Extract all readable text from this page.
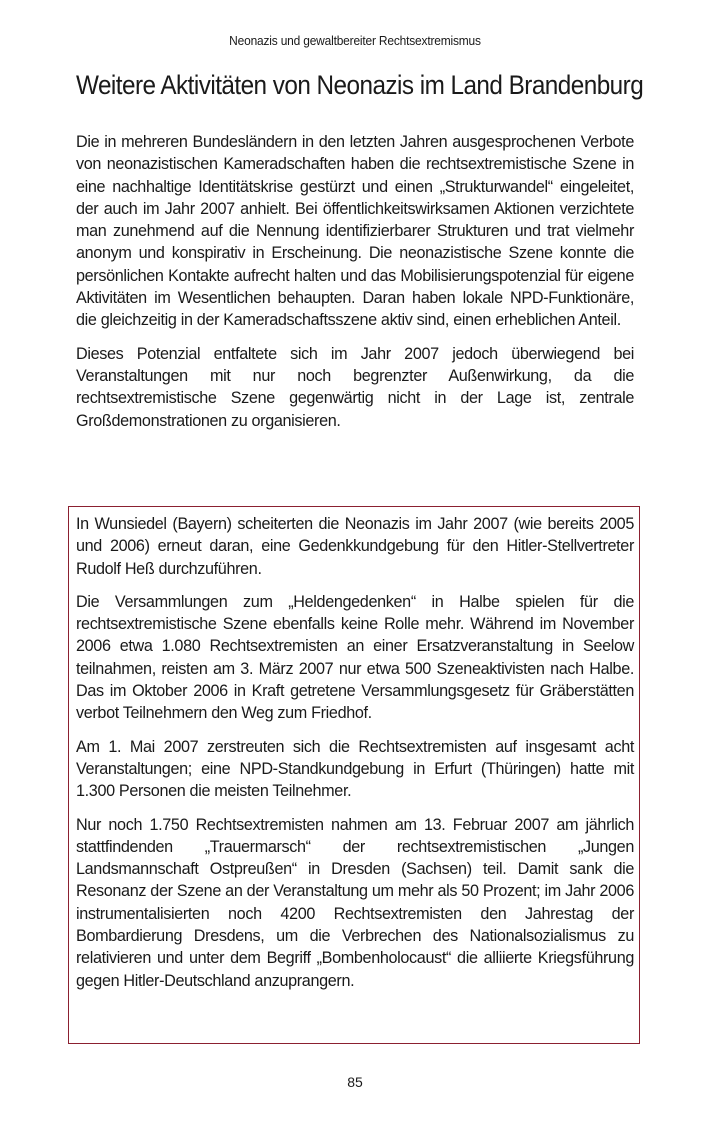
Neonazis und gewaltbereiter Rechtsextremismus
Weitere Aktivitäten von Neonazis im Land Brandenburg

Die in mehreren Bundesländern in den letzten Jahren ausgesprochenen Verbote von neonazistischen Kameradschaften haben die rechtsextremistische Szene in eine nachhaltige Identitätskrise gestürzt und einen „Strukturwandel“ eingeleitet, der auch im Jahr 2007 anhielt. Bei öffentlichkeitswirksamen Aktionen verzichtete man zunehmend auf die Nennung identifizierbarer Strukturen und trat vielmehr anonym und konspirativ in Erscheinung. Die neonazistische Szene konnte die persönlichen Kontakte aufrecht halten und das Mobilisierungspotenzial für eigene Aktivitäten im Wesentlichen behaupten. Daran haben lokale NPD-Funktionäre, die gleichzeitig in der Kameradschaftsszene aktiv sind, einen erheblichen Anteil.

Dieses Potenzial entfaltete sich im Jahr 2007 jedoch überwiegend bei Veranstaltungen mit nur noch begrenzter Außenwirkung, da die rechtsextremistische Szene gegenwärtig nicht in der Lage ist, zentrale Großdemonstrationen zu organisieren.

In Wunsiedel (Bayern) scheiterten die Neonazis im Jahr 2007 (wie bereits 2005 und 2006) erneut daran, eine Gedenkkundgebung für den Hitler-Stellvertreter Rudolf Heß durchzuführen.

Die Versammlungen zum „Heldengedenken“ in Halbe spielen für die rechtsextremistische Szene ebenfalls keine Rolle mehr. Während im November 2006 etwa 1.080 Rechtsextremisten an einer Ersatzveranstaltung in Seelow teilnahmen, reisten am 3. März 2007 nur etwa 500 Szeneaktivisten nach Halbe. Das im Oktober 2006 in Kraft getretene Versammlungsgesetz für Gräberstätten verbot Teilnehmern den Weg zum Friedhof.

Am 1. Mai 2007 zerstreuten sich die Rechtsextremisten auf insgesamt acht Veranstaltungen; eine NPD-Standkundgebung in Erfurt (Thüringen) hatte mit 1.300 Personen die meisten Teilnehmer.

Nur noch 1.750 Rechtsextremisten nahmen am 13. Februar 2007 am jährlich stattfindenden „Trauermarsch“ der rechtsextremistischen „Jungen Landsmannschaft Ostpreußen“ in Dresden (Sachsen) teil. Damit sank die Resonanz der Szene an der Veranstaltung um mehr als 50 Prozent; im Jahr 2006 instrumentalisierten noch 4200 Rechtsextremisten den Jahrestag der Bombardierung Dresdens, um die Verbrechen des Nationalsozialismus zu relativieren und unter dem Begriff „Bombenholocaust“ die alliierte Kriegsführung gegen Hitler-Deutschland anzuprangern.

85
